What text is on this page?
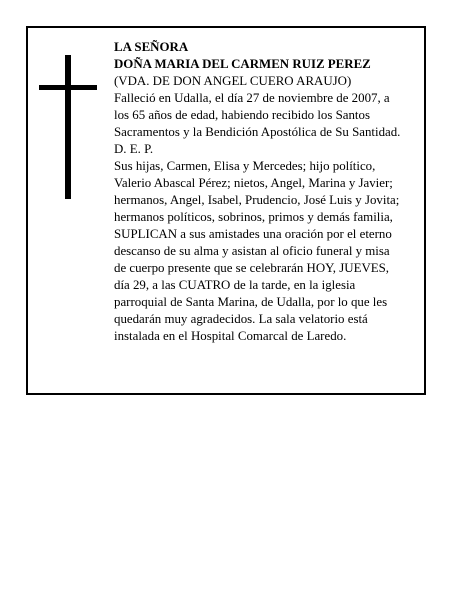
LA SEÑORA
DOÑA MARIA DEL CARMEN RUIZ PEREZ
(VDA. DE DON ANGEL CUERO ARAUJO)
Falleció en Udalla, el día 27 de noviembre de 2007, a
los 65 años de edad, habiendo recibido los Santos
Sacramentos y la Bendición Apostólica de Su Santidad.
D. E. P.
Sus hijas, Carmen, Elisa y Mercedes; hijo político,
Valerio Abascal Pérez; nietos, Angel, Marina y Javier;
hermanos, Angel, Isabel, Prudencio, José Luis y Jovita;
hermanos políticos, sobrinos, primos y demás familia,
SUPLICAN a sus amistades una oración por el eterno
descanso de su alma y asistan al oficio funeral y misa
de cuerpo presente que se celebrarán HOY, JUEVES,
día 29, a las CUATRO de la tarde, en la iglesia
parroquial de Santa Marina, de Udalla, por lo que les
quedarán muy agradecidos. La sala velatorio está
instalada en el Hospital Comarcal de Laredo.
